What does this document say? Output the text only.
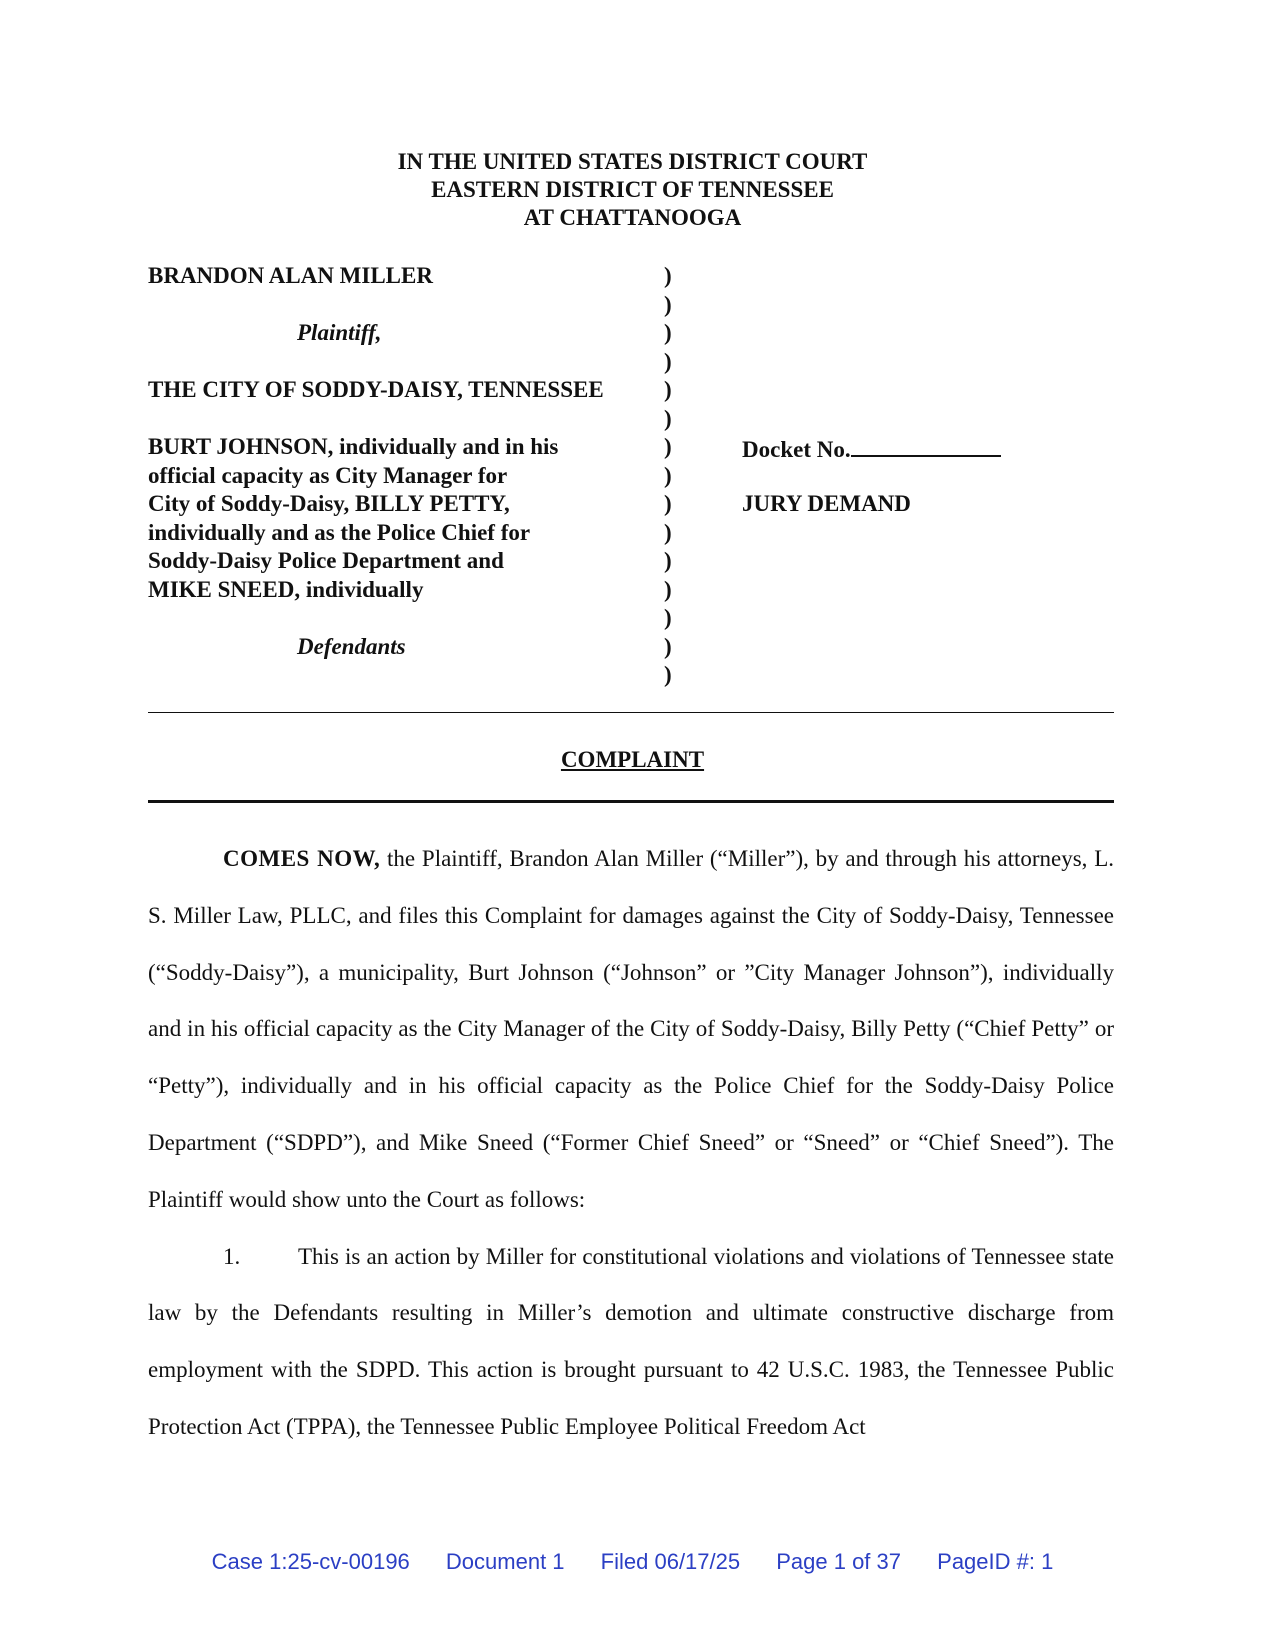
IN THE UNITED STATES DISTRICT COURT
EASTERN DISTRICT OF TENNESSEE
AT CHATTANOOGA
BRANDON ALAN MILLER
Plaintiff,
THE CITY OF SODDY-DAISY, TENNESSEE
BURT JOHNSON, individually and in his
official capacity as City Manager for
City of Soddy-Daisy, BILLY PETTY,
individually and as the Police Chief for
Soddy-Daisy Police Department and
MIKE SNEED, individually
Defendants
)
)
)
)
)
)
)
)
)
)
)
)
)
)
)
Docket No.
JURY DEMAND
COMPLAINT

COMES NOW, the Plaintiff, Brandon Alan Miller (“Miller”), by and through his attorneys, L. S. Miller Law, PLLC, and files this Complaint for damages against the City of Soddy-Daisy, Tennessee (“Soddy-Daisy”), a municipality, Burt Johnson (“Johnson” or ”City Manager Johnson”), individually and in his official capacity as the City Manager of the City of Soddy-Daisy, Billy Petty (“Chief Petty” or “Petty”), individually and in his official capacity as the Police Chief for the Soddy-Daisy Police Department (“SDPD”), and Mike Sneed (“Former Chief Sneed” or “Sneed” or “Chief Sneed”). The Plaintiff would show unto the Court as follows:

1.	This is an action by Miller for constitutional violations and violations of Tennessee state law by the Defendants resulting in Miller’s demotion and ultimate constructive discharge from employment with the SDPD. This action is brought pursuant to 42 U.S.C. 1983, the Tennessee Public Protection Act (TPPA), the Tennessee Public Employee Political Freedom Act

Case 1:25-cv-00196 Document 1 Filed 06/17/25 Page 1 of 37 PageID #: 1
